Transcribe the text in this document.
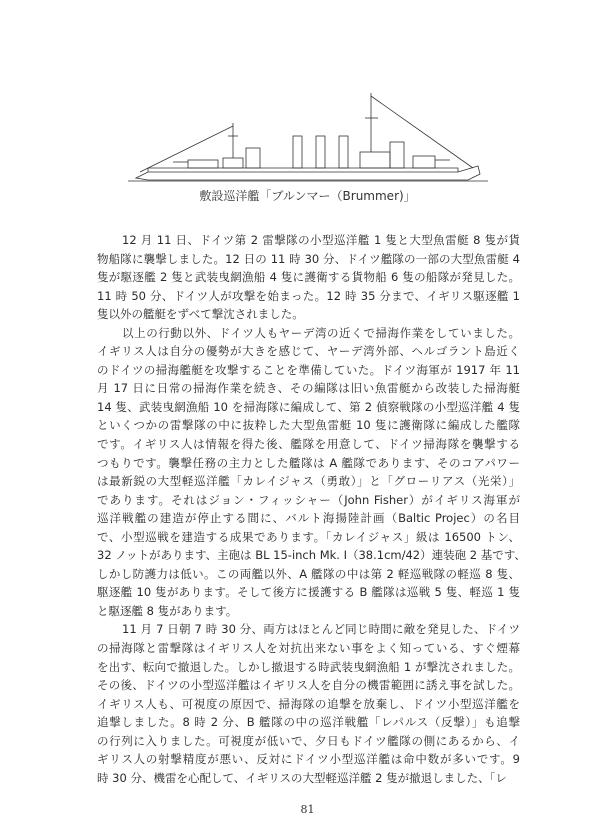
敷設巡洋艦「ブルンマー（Brummer)」
12 月 11 日、ドイツ第 2 雷撃隊の小型巡洋艦 1 隻と大型魚雷艇 8 隻が貨
物船隊に襲撃しました。12 日の 11 時 30 分、ドイツ艦隊の一部の大型魚雷艇 4
隻が駆逐艦 2 隻と武装曳網漁船 4 隻に護衛する貨物船 6 隻の船隊が発見した。
11 時 50 分、ドイツ人が攻撃を始まった。12 時 35 分まで、イギリス駆逐艦 1
隻以外の艦艇をずべて撃沈されました。
以上の行動以外、ドイツ人もヤーデ湾の近くで掃海作業をしていました。
イギリス人は自分の優勢が大きを感じて、ヤーデ湾外部、ヘルゴラント島近く
のドイツの掃海艦艇を攻撃することを準備していた。ドイツ海軍が 1917 年 11
月 17 日に日常の掃海作業を続き、その編隊は旧い魚雷艇から改装した掃海艇
14 隻、武装曳網漁船 10 を掃海隊に編成して、第 2 偵察戦隊の小型巡洋艦 4 隻
といくつかの雷撃隊の中に抜粋した大型魚雷艇 10 隻に護衛隊に編成した艦隊
です。イギリス人は情報を得た後、艦隊を用意して、ドイツ掃海隊を襲撃する
つもりです。襲撃任務の主力とした艦隊は A 艦隊であります、そのコアパワー
は最新鋭の大型軽巡洋艦「カレイジャス（勇敢）」と「グローリアス（光栄）」
であります。それはジョン・フィッシャー（John Fisher）がイギリス海軍が
巡洋戦艦の建造が停止する間に、バルト海揚陸計画（Baltic Projec）の名目
で、小型巡戦を建造する成果であります。「カレイジャス」級は 16500 トン、
32 ノットがあります、主砲は BL 15-inch Mk. I（38.1cm/42）連装砲 2 基です、
しかし防護力は低い。この両艦以外、A 艦隊の中は第 2 軽巡戦隊の軽巡 8 隻、
駆逐艦 10 隻があります。そして後方に援護する B 艦隊は巡戦 5 隻、軽巡 1 隻
と駆逐艦 8 隻があります。
11 月 7 日朝 7 時 30 分、両方はほとんど同じ時間に敵を発見した、ドイツ
の掃海隊と雷撃隊はイギリス人を対抗出来ない事をよく知っている、すぐ煙幕
を出す、転向で撤退した。しかし撤退する時武装曳網漁船 1 が撃沈されました。
その後、ドイツの小型巡洋艦はイギリス人を自分の機雷範囲に誘え事を試した。
イギリス人も、可視度の原因で、掃海隊の追撃を放棄し、ドイツ小型巡洋艦を
追撃しました。8 時 2 分、B 艦隊の中の巡洋戦艦「レパルス（反撃）」も追撃
の行列に入りました。可視度が低いで、夕日もドイツ艦隊の側にあるから、イ
ギリス人の射撃精度が悪い、反対にドイツ小型巡洋艦は命中数が多いです。9
時 30 分、機雷を心配して、イギリスの大型軽巡洋艦 2 隻が撤退しました、「レ
81
